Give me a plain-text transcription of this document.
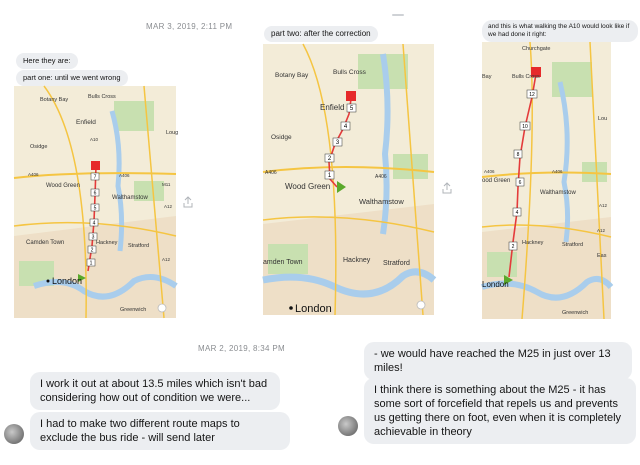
MAR 3, 2019, 2:11 PM
Here they are:
part one: until we went wrong
7
6
5
4
3
2
1
Botany Bay	Bulls Cross
Enfield
Osidge
Wood Green
Walthamstow
Camden Town	Hackney Stratford
London
Greenwich
Loug
A10
A406	A406
A12
A12
M11
part two: after the correction
5
4
3
2
1
Botany Bay	Bulls Cross
Enfield
Osidge
Wood Green
Walthamstow
amden Town	Hackney Stratford
London
A406
A406
and this is what walking the A10 would look like if we had done it right:
12
10
8
6
4
2
Churchgate
Bay	Bulls Cross
Lou
ood Green
Walthamstow
Hackney	Stratford
London
Greenwich
Eas
A406	A406
A12
A12
MAR 2, 2019, 8:34 PM
I work it out at about 13.5 miles which isn't bad considering how out of condition we were...
I had to make two different route maps to exclude the bus ride - will send later
- we would have reached the M25 in just over 13 miles!
I think there is something about the M25 - it has some sort of forcefield that repels us and prevents us getting there on foot, even when it is completely achievable in theory
